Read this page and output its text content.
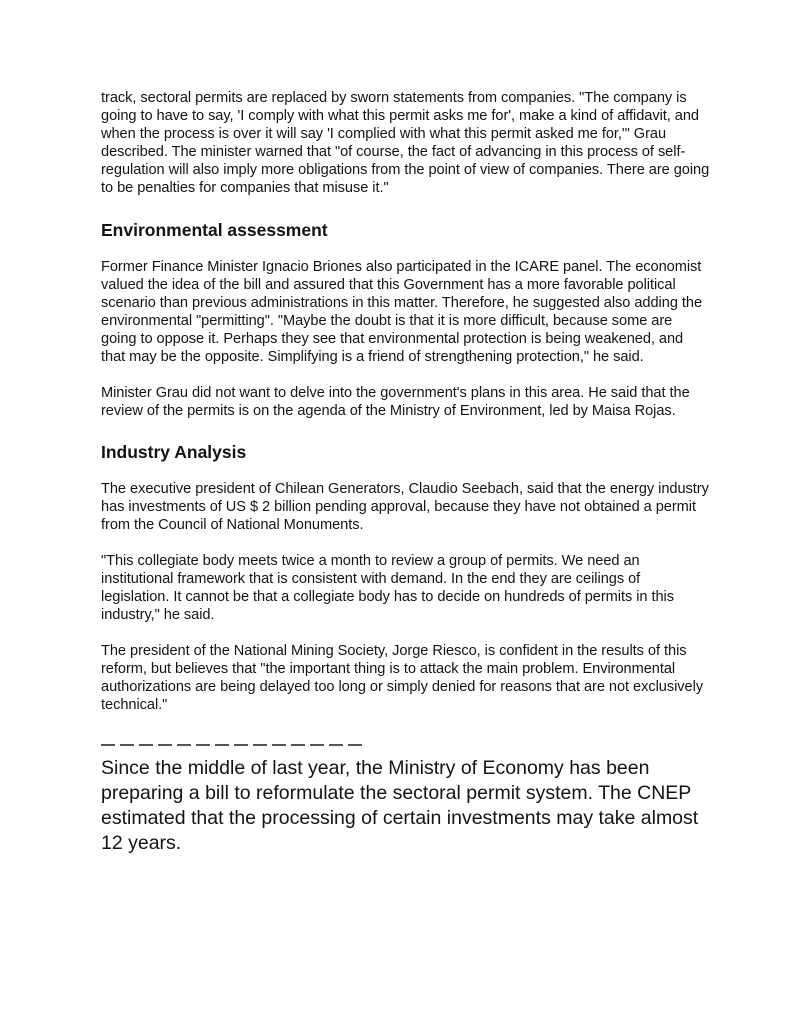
track, sectoral permits are replaced by sworn statements from companies. "The company is going to have to say, 'I comply with what this permit asks me for', make a kind of affidavit, and when the process is over it will say 'I complied with what this permit asked me for,'" Grau described. The minister warned that "of course, the fact of advancing in this process of self-regulation will also imply more obligations from the point of view of companies. There are going to be penalties for companies that misuse it."

Environmental assessment

Former Finance Minister Ignacio Briones also participated in the ICARE panel. The economist valued the idea of the bill and assured that this Government has a more favorable political scenario than previous administrations in this matter. Therefore, he suggested also adding the environmental "permitting". "Maybe the doubt is that it is more difficult, because some are going to oppose it. Perhaps they see that environmental protection is being weakened, and that may be the opposite. Simplifying is a friend of strengthening protection," he said.

Minister Grau did not want to delve into the government's plans in this area. He said that the review of the permits is on the agenda of the Ministry of Environment, led by Maisa Rojas.

Industry Analysis

The executive president of Chilean Generators, Claudio Seebach, said that the energy industry has investments of US $ 2 billion pending approval, because they have not obtained a permit from the Council of National Monuments.

"This collegiate body meets twice a month to review a group of permits. We need an institutional framework that is consistent with demand. In the end they are ceilings of legislation. It cannot be that a collegiate body has to decide on hundreds of permits in this industry," he said.

The president of the National Mining Society, Jorge Riesco, is confident in the results of this reform, but believes that "the important thing is to attack the main problem. Environmental authorizations are being delayed too long or simply denied for reasons that are not exclusively technical."

Since the middle of last year, the Ministry of Economy has been preparing a bill to reformulate the sectoral permit system. The CNEP estimated that the processing of certain investments may take almost 12 years.
